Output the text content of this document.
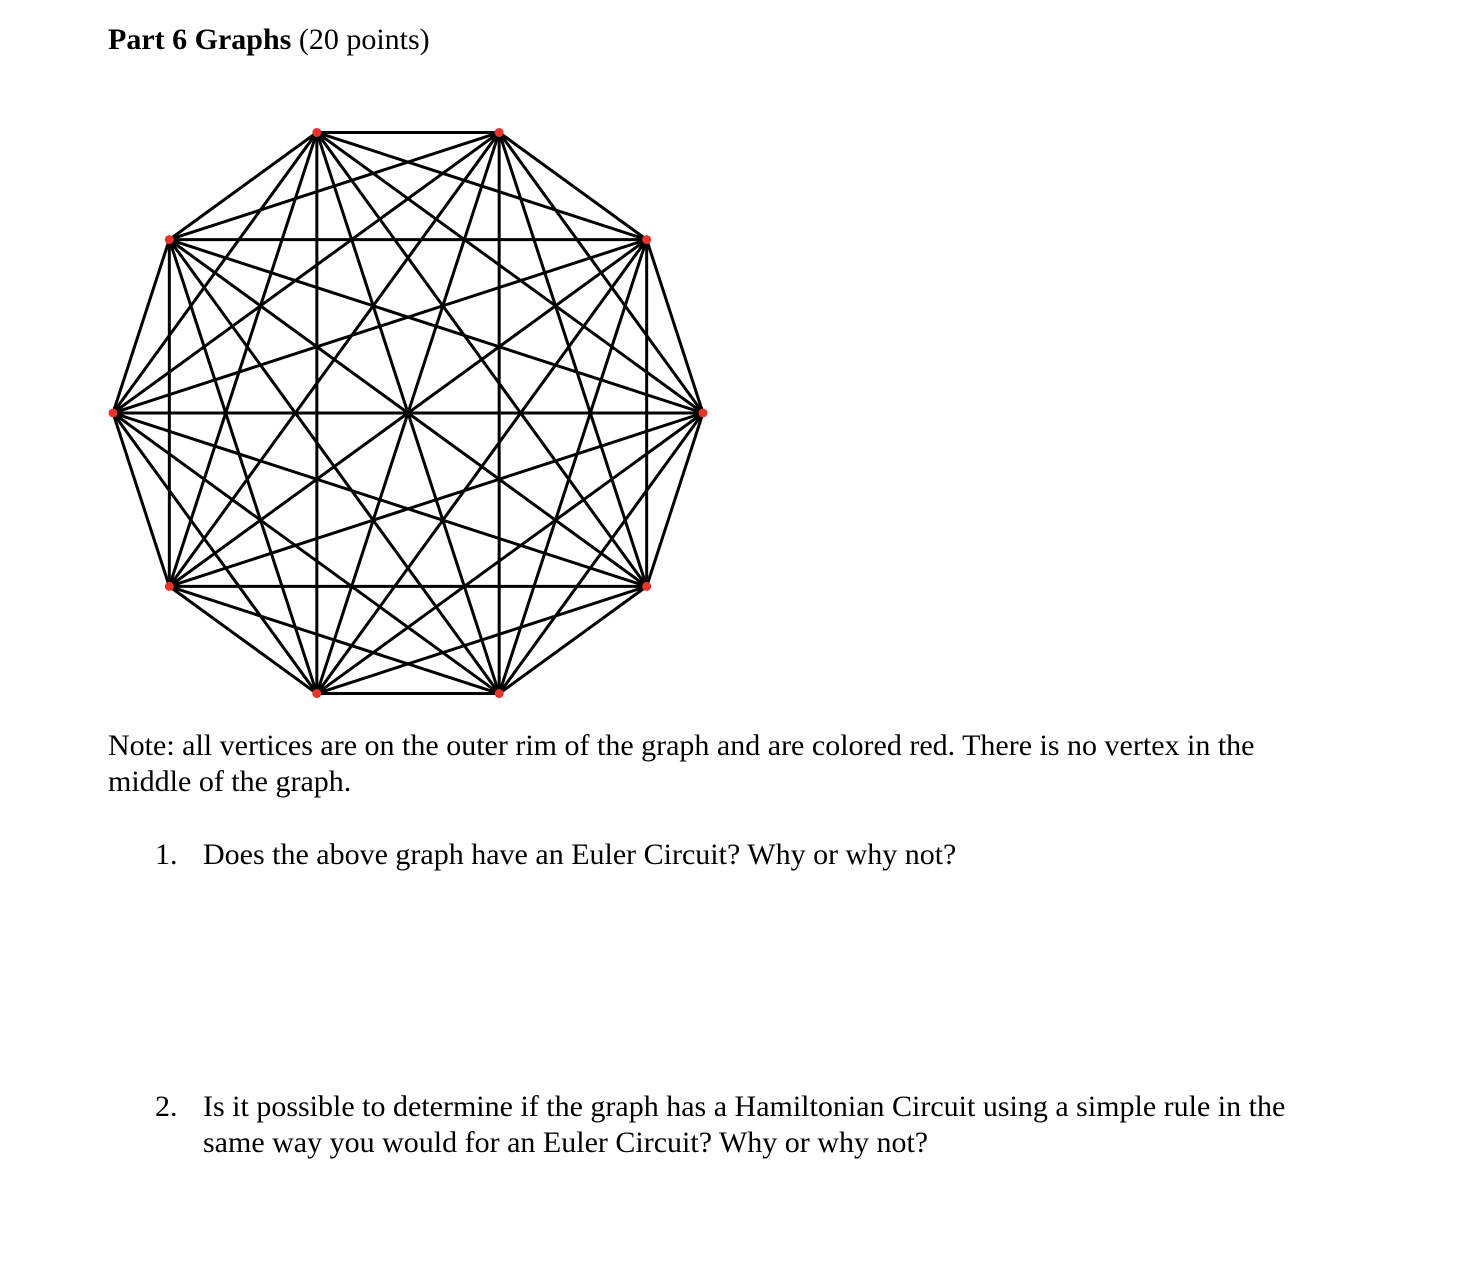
Part 6 Graphs (20 points)
Note: all vertices are on the outer rim of the graph and are colored red. There is no vertex in the middle of the graph.
1. Does the above graph have an Euler Circuit? Why or why not?
2. Is it possible to determine if the graph has a Hamiltonian Circuit using a simple rule in the same way you would for an Euler Circuit? Why or why not?
